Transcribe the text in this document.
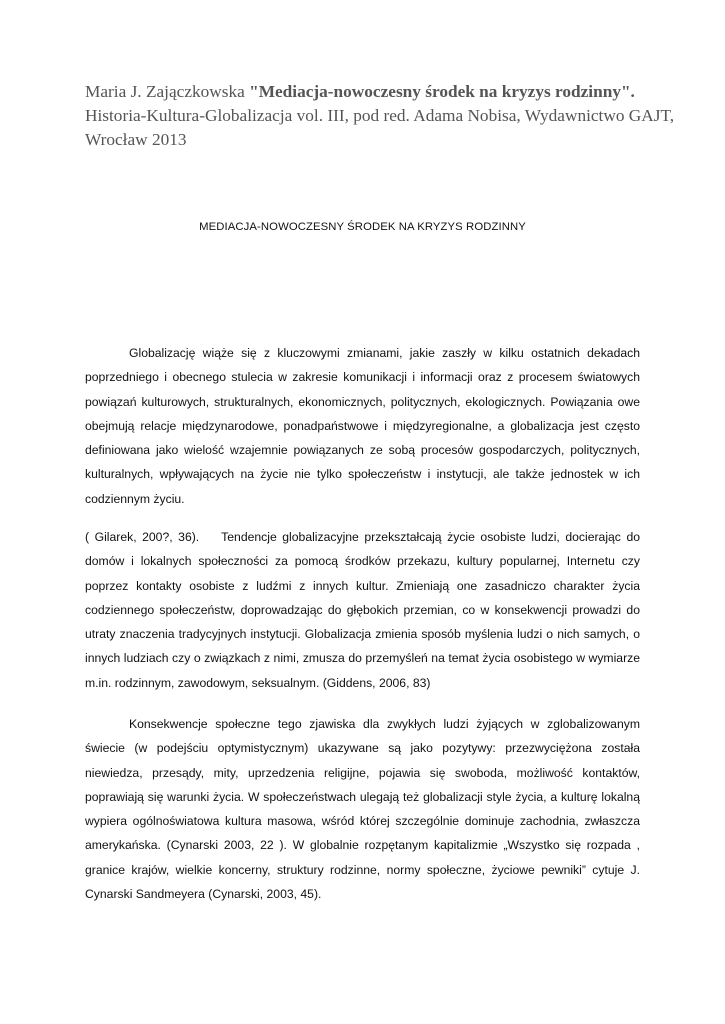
Maria J. Zajączkowska "Mediacja-nowoczesny środek na kryzys rodzinny". Historia-Kultura-Globalizacja vol. III, pod red. Adama Nobisa, Wydawnictwo GAJT, Wrocław 2013
MEDIACJA-NOWOCZESNY ŚRODEK NA KRYZYS RODZINNY

Globalizację wiąże się z kluczowymi zmianami, jakie zaszły w kilku ostatnich dekadach poprzedniego i obecnego stulecia w zakresie komunikacji i informacji oraz z procesem światowych powiązań kulturowych, strukturalnych, ekonomicznych, politycznych, ekologicznych. Powiązania owe obejmują relacje międzynarodowe, ponadpaństwowe i międzyregionalne, a globalizacja jest często definiowana jako wielość wzajemnie powiązanych ze sobą procesów gospodarczych, politycznych, kulturalnych, wpływających na życie nie tylko społeczeństw i instytucji, ale także jednostek w ich codziennym życiu.

( Gilarek, 200?, 36). Tendencje globalizacyjne przekształcają życie osobiste ludzi, docierając do domów i lokalnych społeczności za pomocą środków przekazu, kultury popularnej, Internetu czy poprzez kontakty osobiste z ludźmi z innych kultur. Zmieniają one zasadniczo charakter życia codziennego społeczeństw, doprowadzając do głębokich przemian, co w konsekwencji prowadzi do utraty znaczenia tradycyjnych instytucji. Globalizacja zmienia sposób myślenia ludzi o nich samych, o innych ludziach czy o związkach z nimi, zmusza do przemyśleń na temat życia osobistego w wymiarze m.in. rodzinnym, zawodowym, seksualnym. (Giddens, 2006, 83)

Konsekwencje społeczne tego zjawiska dla zwykłych ludzi żyjących w zglobalizowanym świecie (w podejściu optymistycznym) ukazywane są jako pozytywy: przezwyciężona została niewiedza, przesądy, mity, uprzedzenia religijne, pojawia się swoboda, możliwość kontaktów, poprawiają się warunki życia. W społeczeństwach ulegają też globalizacji style życia, a kulturę lokalną wypiera ogólnoświatowa kultura masowa, wśród której szczególnie dominuje zachodnia, zwłaszcza amerykańska. (Cynarski 2003, 22 ). W globalnie rozpętanym kapitalizmie „Wszystko się rozpada , granice krajów, wielkie koncerny, struktury rodzinne, normy społeczne, życiowe pewniki” cytuje J. Cynarski Sandmeyera (Cynarski, 2003, 45).
